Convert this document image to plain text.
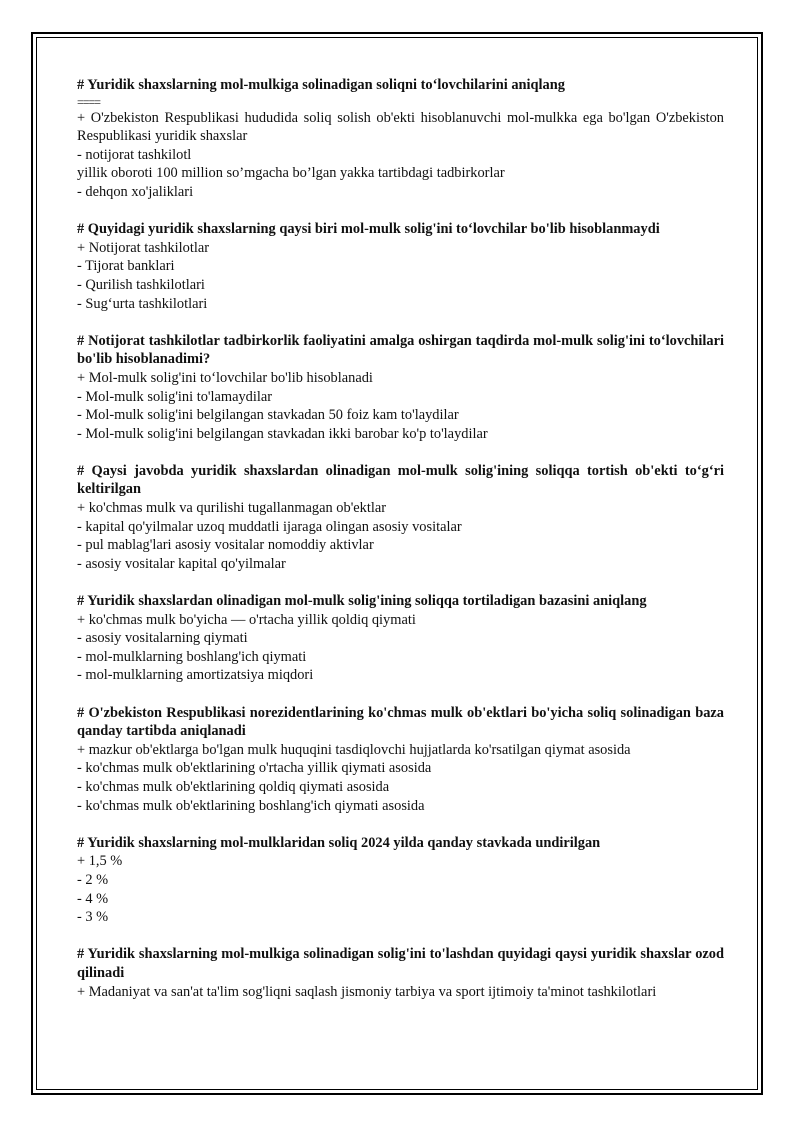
# Yuridik shaxslarning mol-mulkiga solinadigan soliqni to‘lovchilarini aniqlang
====
+ O'zbekiston Respublikasi hududida soliq solish ob'ekti hisoblanuvchi mol-mulkka ega bo'lgan O'zbekiston Respublikasi yuridik shaxslar
- notijorat tashkilotl
yillik oboroti 100 million so’mgacha bo’lgan yakka tartibdagi tadbirkorlar
- dehqon xo'jaliklari
# Quyidagi yuridik shaxslarning qaysi biri mol-mulk solig'ini to‘lovchilar bo'lib hisoblanmaydi
+ Notijorat tashkilotlar
- Tijorat banklari
- Qurilish tashkilotlari
- Sug‘urta tashkilotlari
# Notijorat tashkilotlar tadbirkorlik faoliyatini amalga oshirgan taqdirda mol-mulk solig'ini to‘lovchilari bo'lib hisoblanadimi?
+ Mol-mulk solig'ini to‘lovchilar bo'lib hisoblanadi
- Mol-mulk solig'ini to'lamaydilar
- Mol-mulk solig'ini belgilangan stavkadan 50 foiz kam to'laydilar
- Mol-mulk solig'ini belgilangan stavkadan ikki barobar ko'p to'laydilar
# Qaysi javobda yuridik shaxslardan olinadigan mol-mulk solig'ining soliqqa tortish ob'ekti to‘g‘ri keltirilgan
+ ko'chmas mulk va qurilishi tugallanmagan ob'ektlar
- kapital qo'yilmalar uzoq muddatli ijaraga olingan asosiy vositalar
- pul mablag'lari asosiy vositalar nomoddiy aktivlar
- asosiy vositalar kapital qo'yilmalar
# Yuridik shaxslardan olinadigan mol-mulk solig'ining soliqqa tortiladigan bazasini aniqlang
+ ko'chmas mulk bo'yicha — o'rtacha yillik qoldiq qiymati
- asosiy vositalarning qiymati
- mol-mulklarning boshlang'ich qiymati
- mol-mulklarning amortizatsiya miqdori
# O'zbekiston Respublikasi norezidentlarining ko'chmas mulk ob'ektlari bo'yicha soliq solinadigan baza qanday tartibda aniqlanadi
+ mazkur ob'ektlarga bo'lgan mulk huquqini tasdiqlovchi hujjatlarda ko'rsatilgan qiymat asosida
- ko'chmas mulk ob'ektlarining o'rtacha yillik qiymati asosida
- ko'chmas mulk ob'ektlarining qoldiq qiymati asosida
- ko'chmas mulk ob'ektlarining boshlang'ich qiymati asosida
# Yuridik shaxslarning mol-mulklaridan soliq 2024 yilda qanday stavkada undirilgan
+ 1,5 %
- 2 %
- 4 %
- 3 %
# Yuridik shaxslarning mol-mulkiga solinadigan solig'ini to'lashdan quyidagi qaysi yuridik shaxslar ozod qilinadi
+ Madaniyat va san'at ta'lim sog'liqni saqlash jismoniy tarbiya va sport ijtimoiy ta'minot tashkilotlari
